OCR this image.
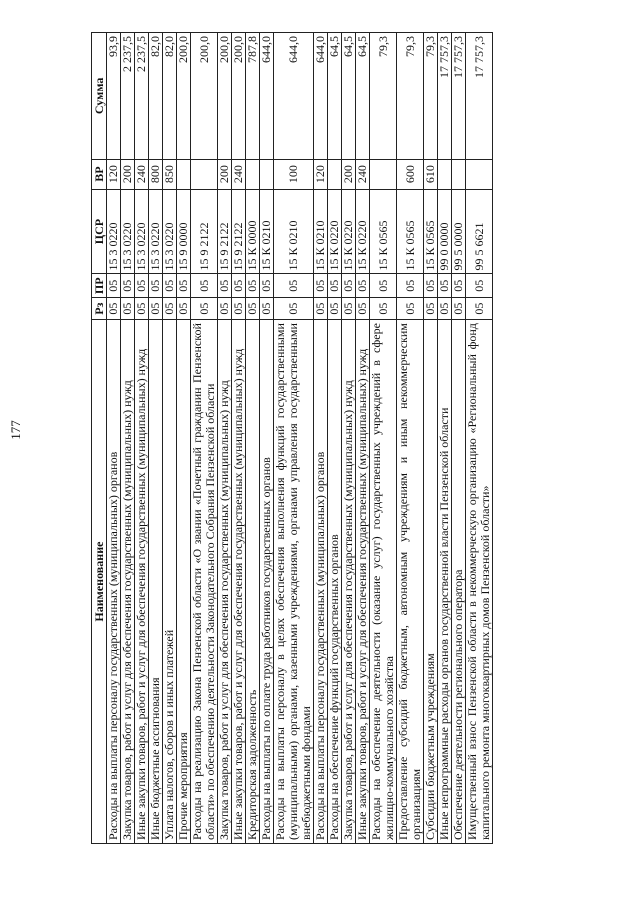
177
Наименование	Рз	ПР	ЦСР	ВР	Сумма
Расходы на выплаты персоналу государственных (муниципальных) органов	05	05	15 3 0220	120	93,9
Закупка товаров, работ и услуг для обеспечения государственных (муниципальных) нужд	05	05	15 3 0220	200	2 237,5
Иные закупки товаров, работ и услуг для обеспечения государственных (муниципальных) нужд	05	05	15 3 0220	240	2 237,5
Иные бюджетные ассигнования	05	05	15 3 0220	800	82,0
Уплата налогов, сборов и иных платежей	05	05	15 3 0220	850	82,0
Прочие мероприятия	05	05	15 9 0000		200,0
Расходы на реализацию Закона Пензенской области «О звании «Почетный гражданин Пензенской области» по обеспечению деятельности Законодательного Собрания Пензенской области	05	05	15 9 2122		200,0
Закупка товаров, работ и услуг для обеспечения государственных (муниципальных) нужд	05	05	15 9 2122	200	200,0
Иные закупки товаров, работ и услуг для обеспечения государственных (муниципальных) нужд	05	05	15 9 2122	240	200,0
Кредиторская задолженность	05	05	15 К 0000		787,8
Расходы на выплаты по оплате труда работников государственных органов	05	05	15 К 0210		644,0
Расходы на выплаты персоналу в целях обеспечения выполнения функций государственными (муниципальными) органами, казенными учреждениями, органами управления государственными внебюджетными фондами	05	05	15 К 0210	100	644,0
Расходы на выплаты персоналу государственных (муниципальных) органов	05	05	15 К 0210	120	644,0
Расходы на обеспечение функций государственных органов	05	05	15 К 0220		64,5
Закупка товаров, работ и услуг для обеспечения государственных (муниципальных) нужд	05	05	15 К 0220	200	64,5
Иные закупки товаров, работ и услуг для обеспечения государственных (муниципальных) нужд	05	05	15 К 0220	240	64,5
Расходы на обеспечение деятельности (оказание услуг) государственных учреждений в сфере жилищно-коммунального хозяйства	05	05	15 К 0565		79,3
Предоставление субсидий бюджетным, автономным учреждениям и иным некоммерческим организациям	05	05	15 К 0565	600	79,3
Субсидии бюджетным учреждениям	05	05	15 К 0565	610	79,3
Иные непрограммные расходы органов государственной власти Пензенской области	05	05	99 0 0000		17 757,3
Обеспечение деятельности регионального оператора	05	05	99 5 0000		17 757,3
Имущественный взнос Пензенской области в некоммерческую организацию «Региональный фонд капитального ремонта многоквартирных домов Пензенской области»	05	05	99 5 6621		17 757,3
